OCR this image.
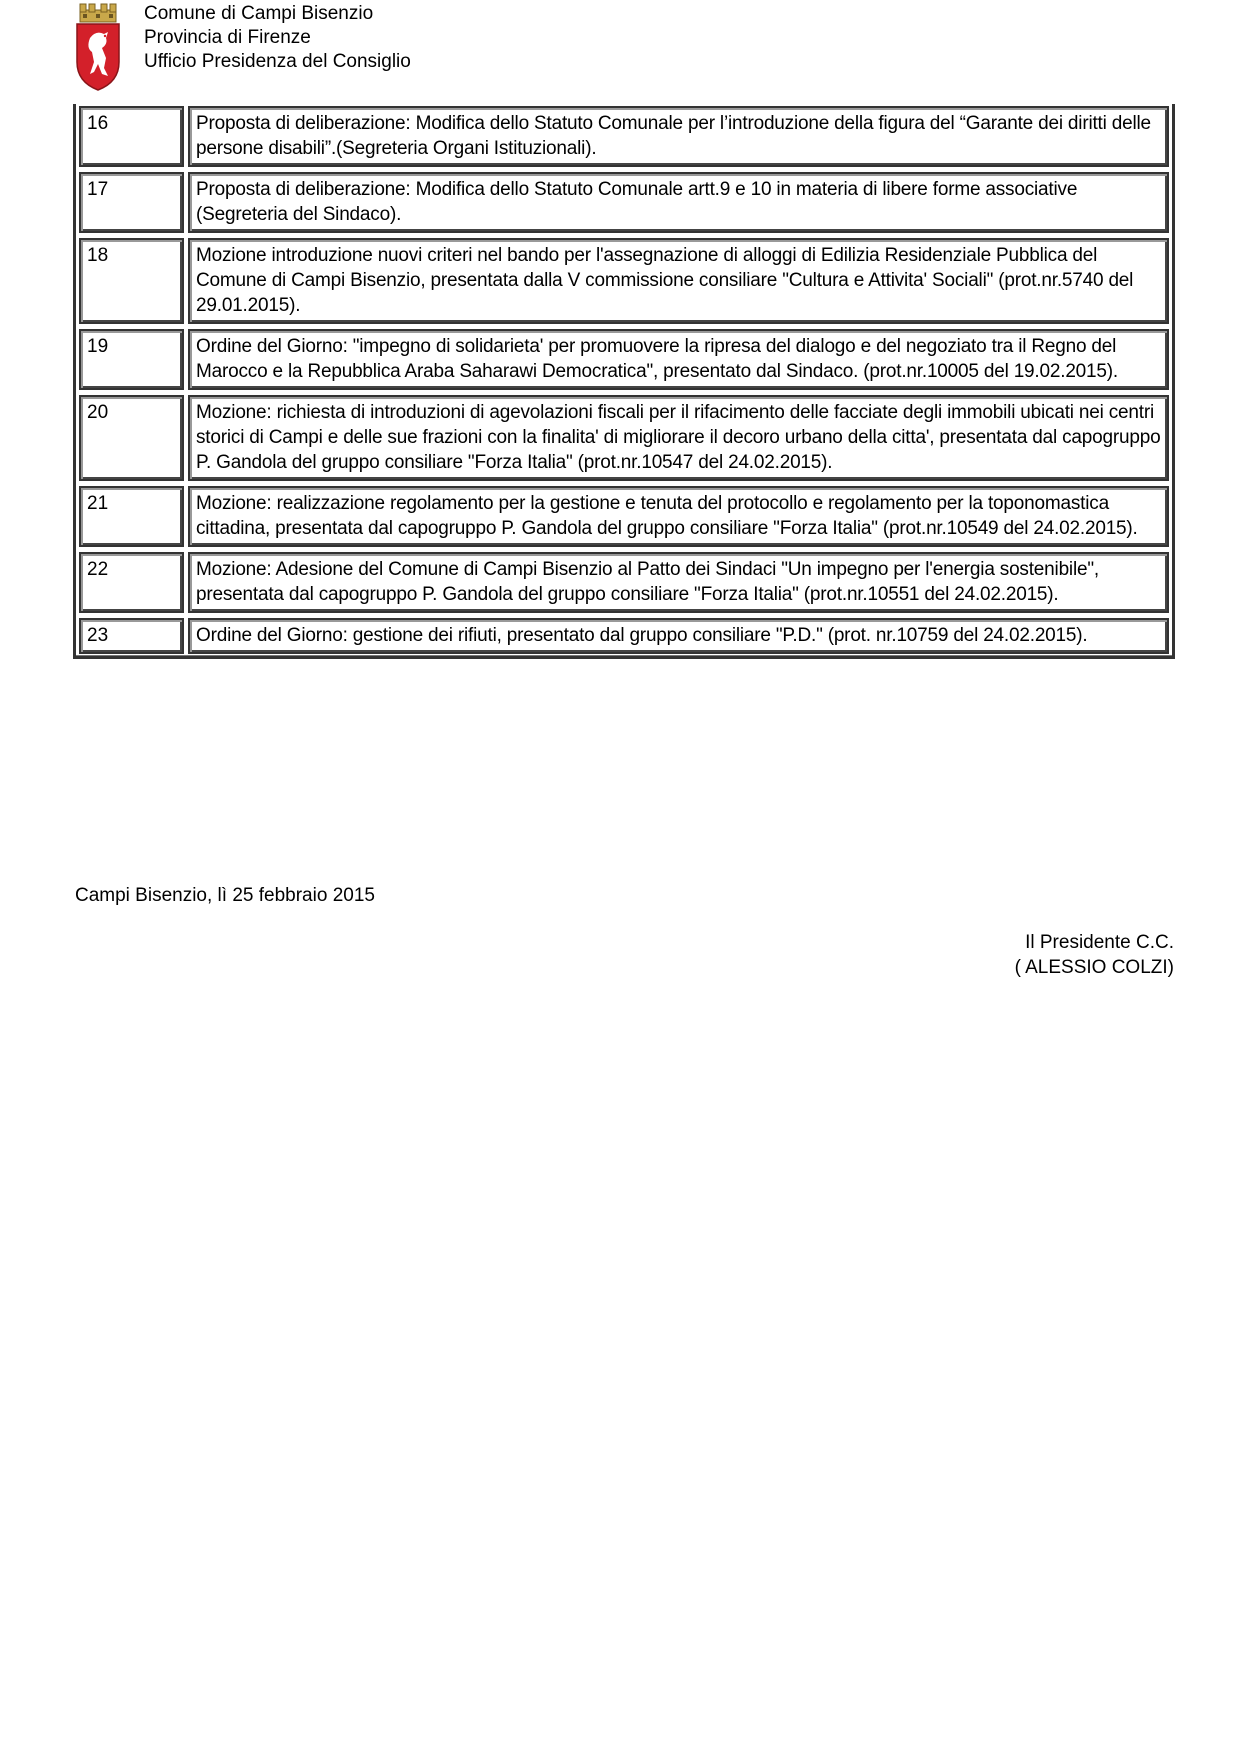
Comune di Campi Bisenzio
Provincia di Firenze
Ufficio Presidenza del Consiglio
16	Proposta di deliberazione: Modifica dello Statuto Comunale per l’introduzione della figura del “Garante dei diritti delle persone disabili”.(Segreteria Organi Istituzionali).
17	Proposta di deliberazione: Modifica dello Statuto Comunale artt.9 e 10 in materia di libere forme associative (Segreteria del Sindaco).
18	Mozione introduzione nuovi criteri nel bando per l'assegnazione di alloggi di Edilizia Residenziale Pubblica del Comune di Campi Bisenzio, presentata dalla V commissione consiliare "Cultura e Attivita' Sociali" (prot.nr.5740 del 29.01.2015).
19	Ordine del Giorno: "impegno di solidarieta' per promuovere la ripresa del dialogo e del negoziato tra il Regno del Marocco e la Repubblica Araba Saharawi Democratica", presentato dal Sindaco. (prot.nr.10005 del 19.02.2015).
20	Mozione: richiesta di introduzioni di agevolazioni fiscali per il rifacimento delle facciate degli immobili ubicati nei centri storici di Campi e delle sue frazioni con la finalita' di migliorare il decoro urbano della citta', presentata dal capogruppo P. Gandola del gruppo consiliare "Forza Italia" (prot.nr.10547 del 24.02.2015).
21	Mozione: realizzazione regolamento per la gestione e tenuta del protocollo e regolamento per la toponomastica cittadina, presentata dal capogruppo P. Gandola del gruppo consiliare "Forza Italia" (prot.nr.10549 del 24.02.2015).
22	Mozione: Adesione del Comune di Campi Bisenzio al Patto dei Sindaci "Un impegno per l'energia sostenibile", presentata dal capogruppo P. Gandola del gruppo consiliare "Forza Italia" (prot.nr.10551 del 24.02.2015).
23	Ordine del Giorno: gestione dei rifiuti, presentato dal gruppo consiliare "P.D." (prot. nr.10759 del 24.02.2015).
Campi Bisenzio, lì 25 febbraio 2015
Il Presidente C.C.
( ALESSIO COLZI)
